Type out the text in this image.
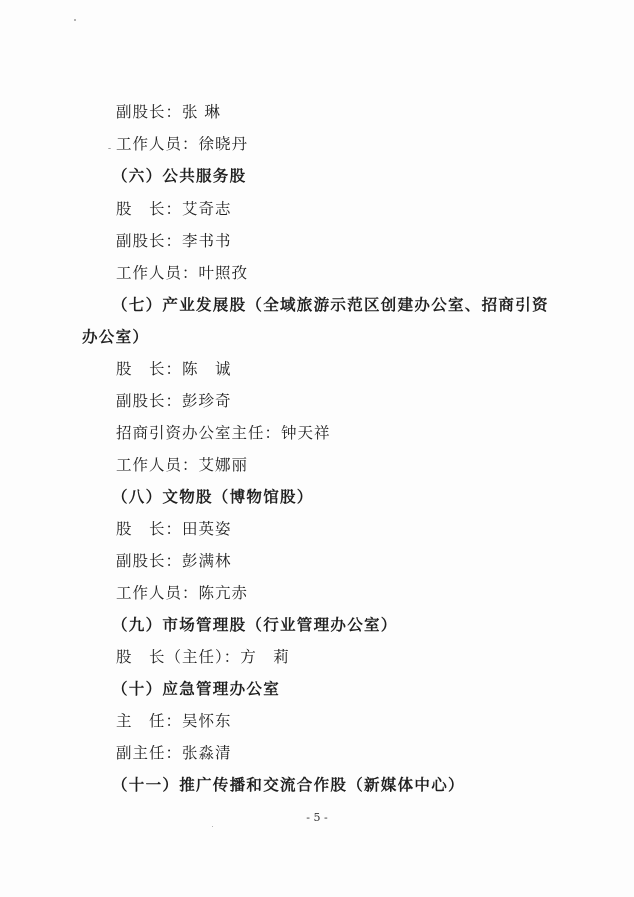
副股长：张 琳
工作人员：徐晓丹
（六）公共服务股
股　长：艾奇志
副股长：李书书
工作人员：叶照孜
（七）产业发展股（全域旅游示范区创建办公室、招商引资
办公室）
股　长：陈　诚
副股长：彭珍奇
招商引资办公室主任：钟天祥
工作人员：艾娜丽
（八）文物股（博物馆股）
股　长：田英姿
副股长：彭满林
工作人员：陈亢赤
（九）市场管理股（行业管理办公室）
股　长（主任）：方　莉
（十）应急管理办公室
主　任：吴怀东
副主任：张淼清
（十一）推广传播和交流合作股（新媒体中心）
- 5 -
